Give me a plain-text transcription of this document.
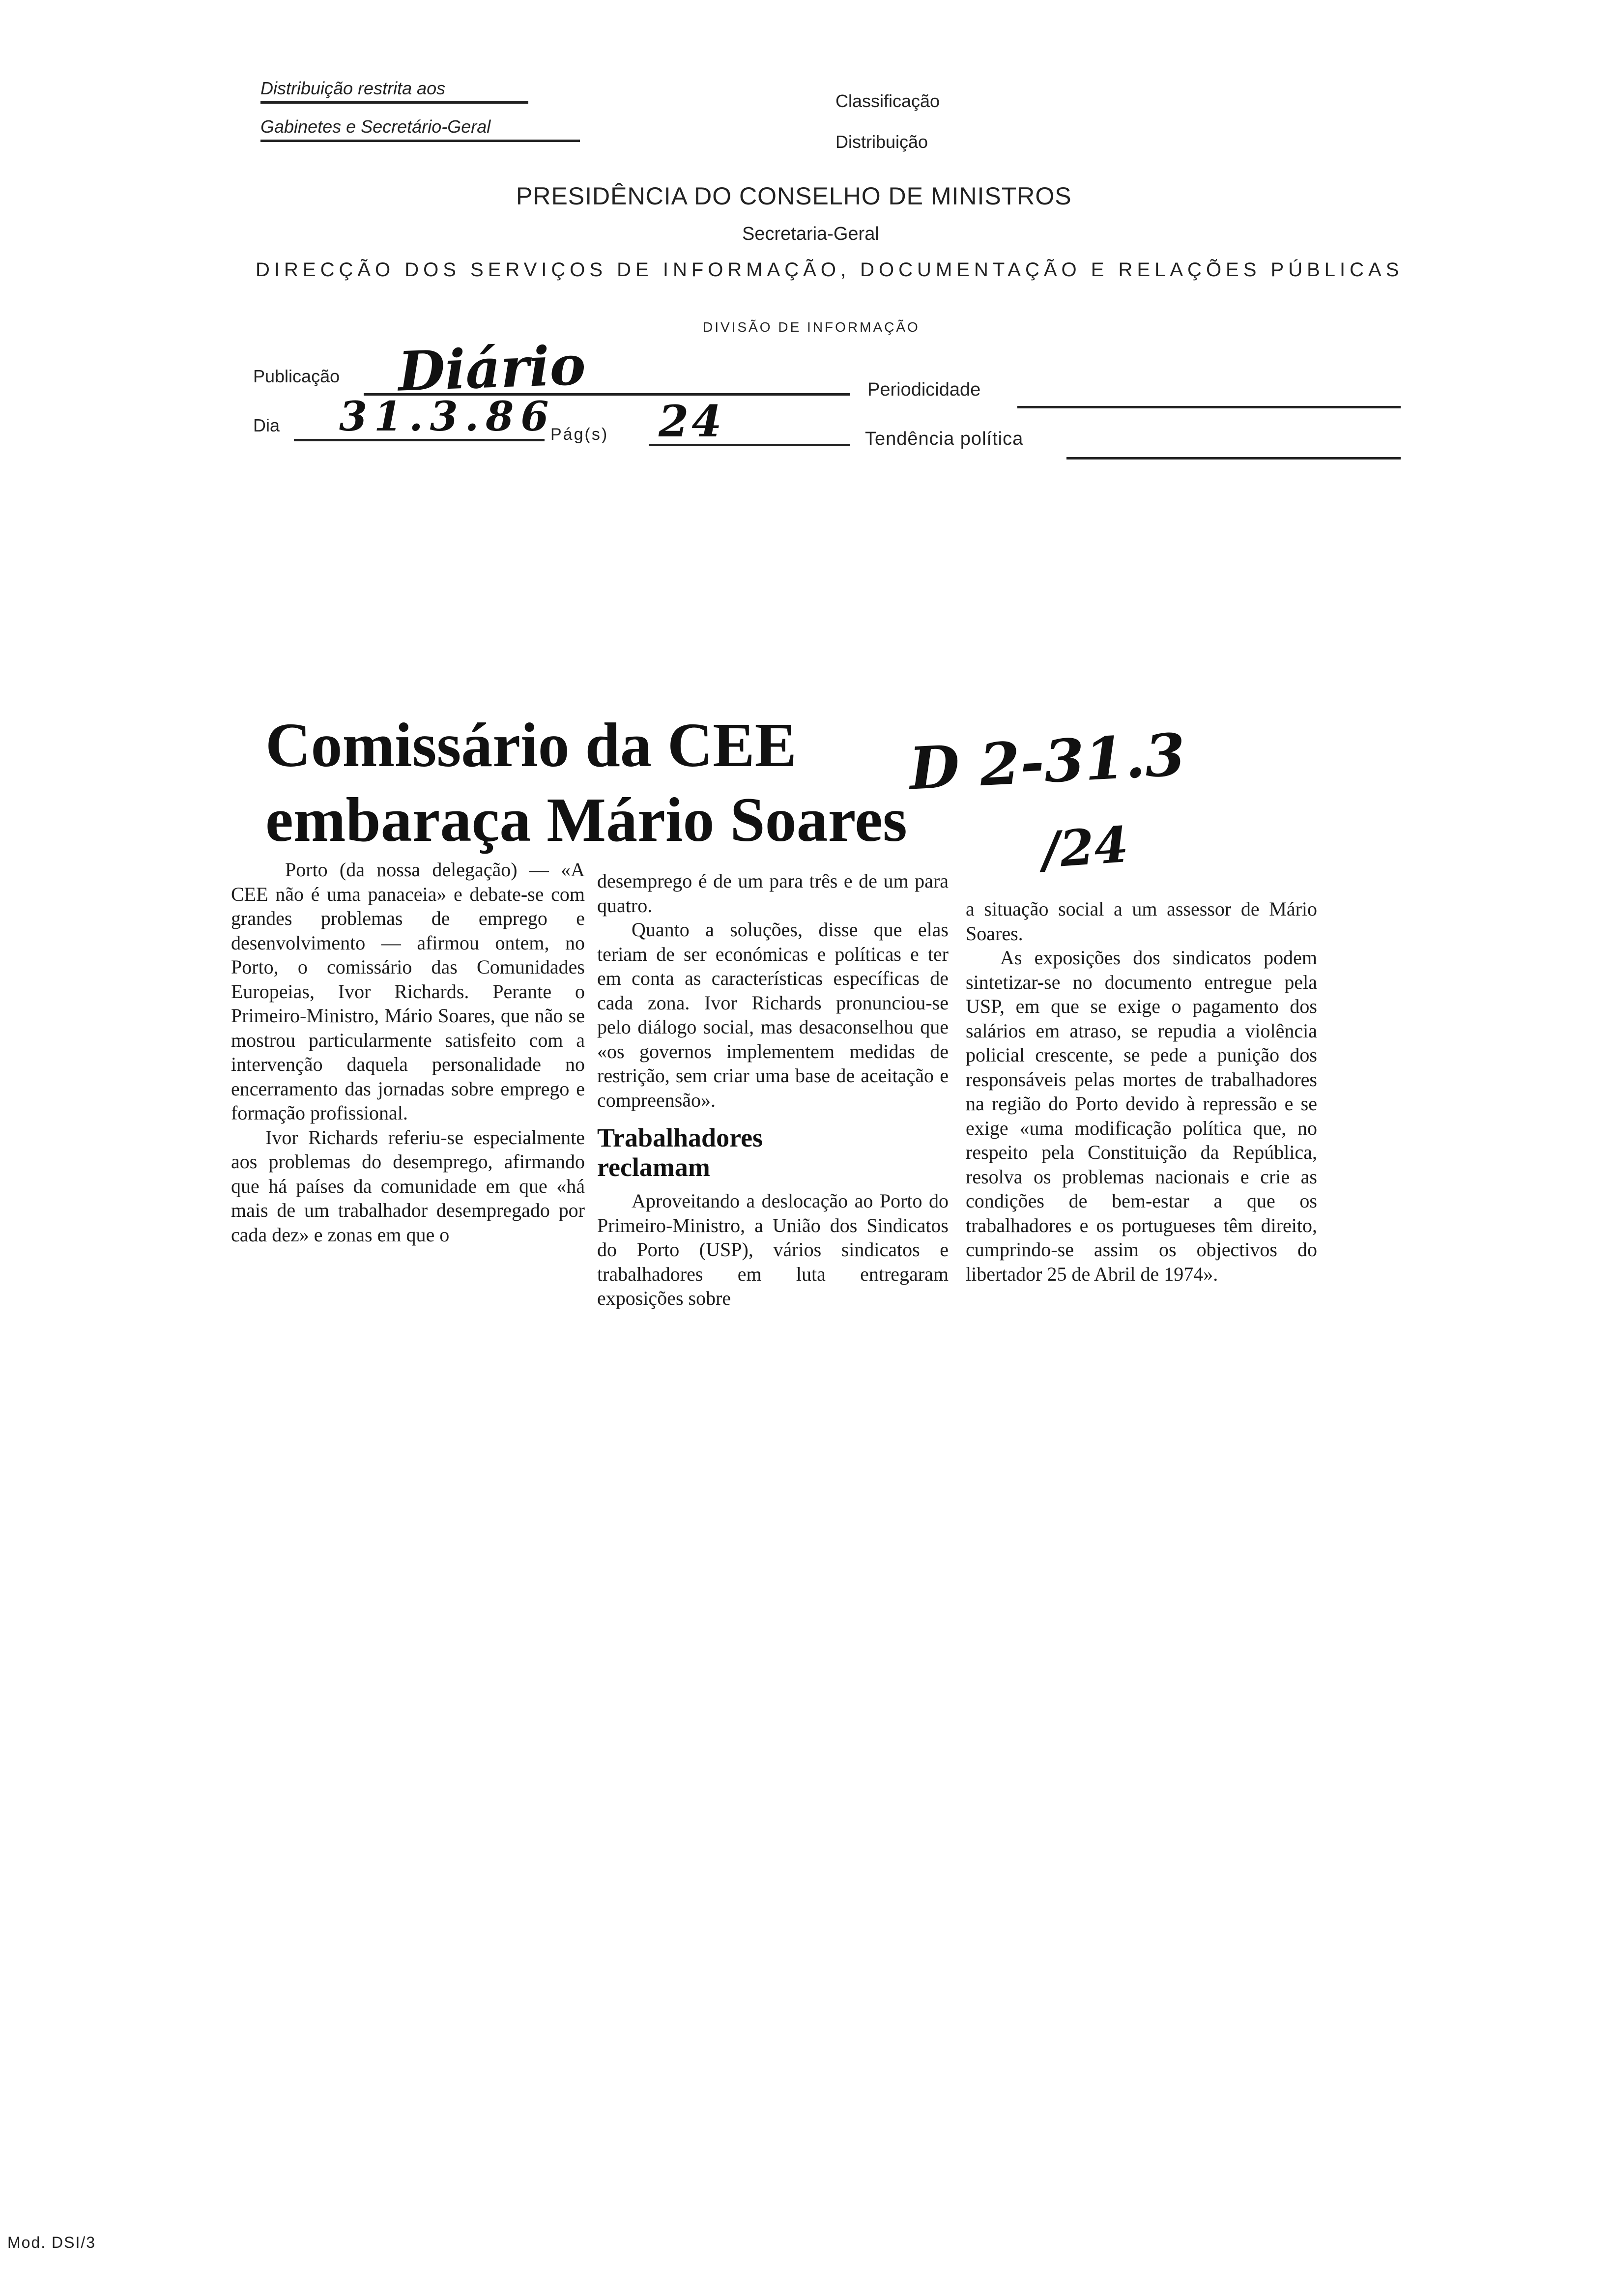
Distribuição restrita aos
Gabinetes e Secretário-Geral
Classificação
Distribuição
PRESIDÊNCIA DO CONSELHO DE MINISTROS
Secretaria-Geral
DIRECÇÃO DOS SERVIÇOS DE INFORMAÇÃO, DOCUMENTAÇÃO E RELAÇÕES PÚBLICAS
DIVISÃO DE INFORMAÇÃO
Publicação Diário	Periodicidade
Dia 31.3.86
Pág(s) 24	Tendência política
Comissário da CEE
embaraça Mário Soares
D 2-31.3
/24

Porto (da nossa delegação) — «A CEE não é uma panaceia» e debate-se com grandes problemas de emprego e desenvolvimento — afirmou ontem, no Porto, o comissário das Comunidades Europeias, Ivor Richards. Perante o Primeiro-Ministro, Mário Soares, que não se mostrou particularmente satisfeito com a intervenção daquela personalidade no encerramento das jornadas sobre emprego e formação profissional.

Ivor Richards referiu-se especialmente aos problemas do desemprego, afirmando que há países da comunidade em que «há mais de um trabalhador desempregado por cada dez» e zonas em que o

desemprego é de um para três e de um para quatro.

Quanto a soluções, disse que elas teriam de ser económicas e políticas e ter em conta as características específicas de cada zona. Ivor Richards pronunciou-se pelo diálogo social, mas desaconselhou que «os governos implementem medidas de restrição, sem criar uma base de aceitação e compreensão».

Trabalhadores reclamam

Aproveitando a deslocação ao Porto do Primeiro-Ministro, a União dos Sindicatos do Porto (USP), vários sindicatos e trabalhadores em luta entregaram exposições sobre

a situação social a um assessor de Mário Soares.

As exposições dos sindicatos podem sintetizar-se no documento entregue pela USP, em que se exige o pagamento dos salários em atraso, se repudia a violência policial crescente, se pede a punição dos responsáveis pelas mortes de trabalhadores na região do Porto devido à repressão e se exige «uma modificação política que, no respeito pela Constituição da República, resolva os problemas nacionais e crie as condições de bem-estar a que os trabalhadores e os portugueses têm direito, cumprindo-se assim os objectivos do libertador 25 de Abril de 1974».

Mod. DSI/3
